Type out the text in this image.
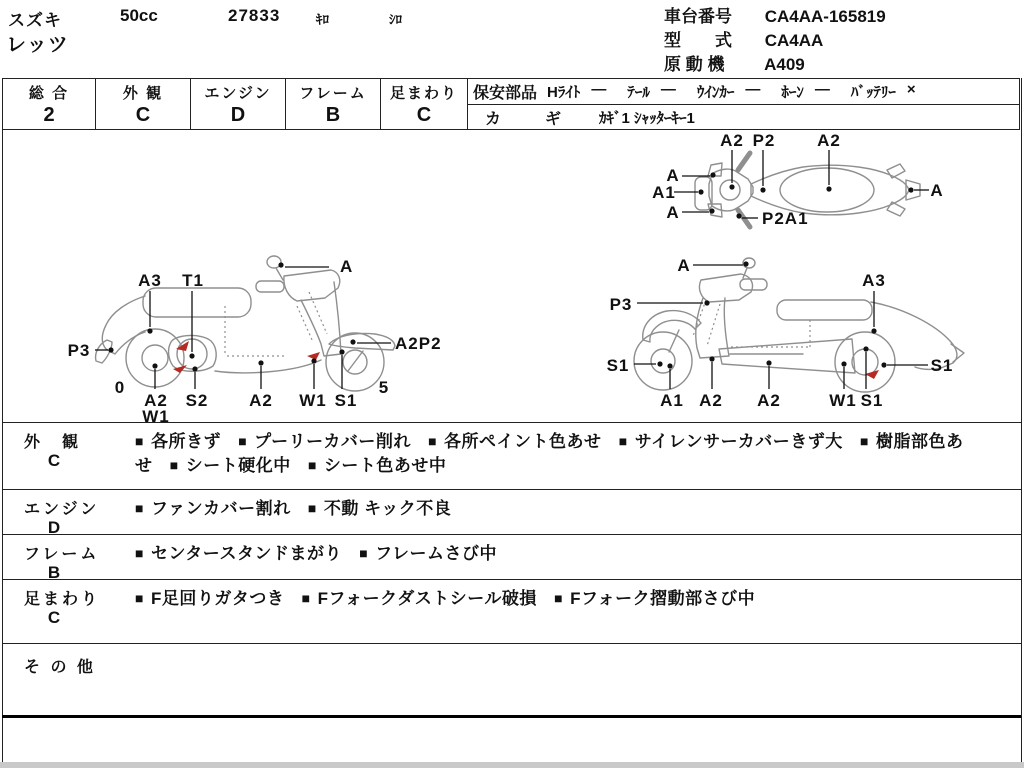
スズキ
レッツ
50cc	27833	ｷﾛ	ｼﾛ	車台番号 CA4AA-165819
型　　式 CA4AA
原 動 機 A409
総 合
2
外 観
C
エンジン
D
フレーム
B
足まわり
C
保安部品 Hﾗｲﾄ ― ﾃｰﾙ ― ｳｲﾝｶｰ ― ﾎｰﾝ ― ﾊﾞｯﾃﾘｰ ×
カ　ギ ｶｷﾞ1 ｼｬｯﾀｰｷｰ1
A2 P2 A2
A
A1
A	P2A1
A
A
A3 T1
P3	A2P2
0
A2
W1
S2 A2 W1 S1
5
A
A3
P3
S1	S1
A1 A2 A2	W1 S1
外　観
C
■ 各所きず ■ プーリーカバー削れ ■ 各所ペイント色あせ ■ サイレンサーカバーきず大 ■ 樹脂部色あせ ■ シート硬化中 ■ シート色あせ中
エンジン
D
■ ファンカバー割れ ■ 不動 キック不良
フレーム
B
■ センタースタンドまがり ■ フレームさび中
足まわり
C
■ F足回りガタつき ■ Fフォークダストシール破損 ■ Fフォーク摺動部さび中
そ の 他
